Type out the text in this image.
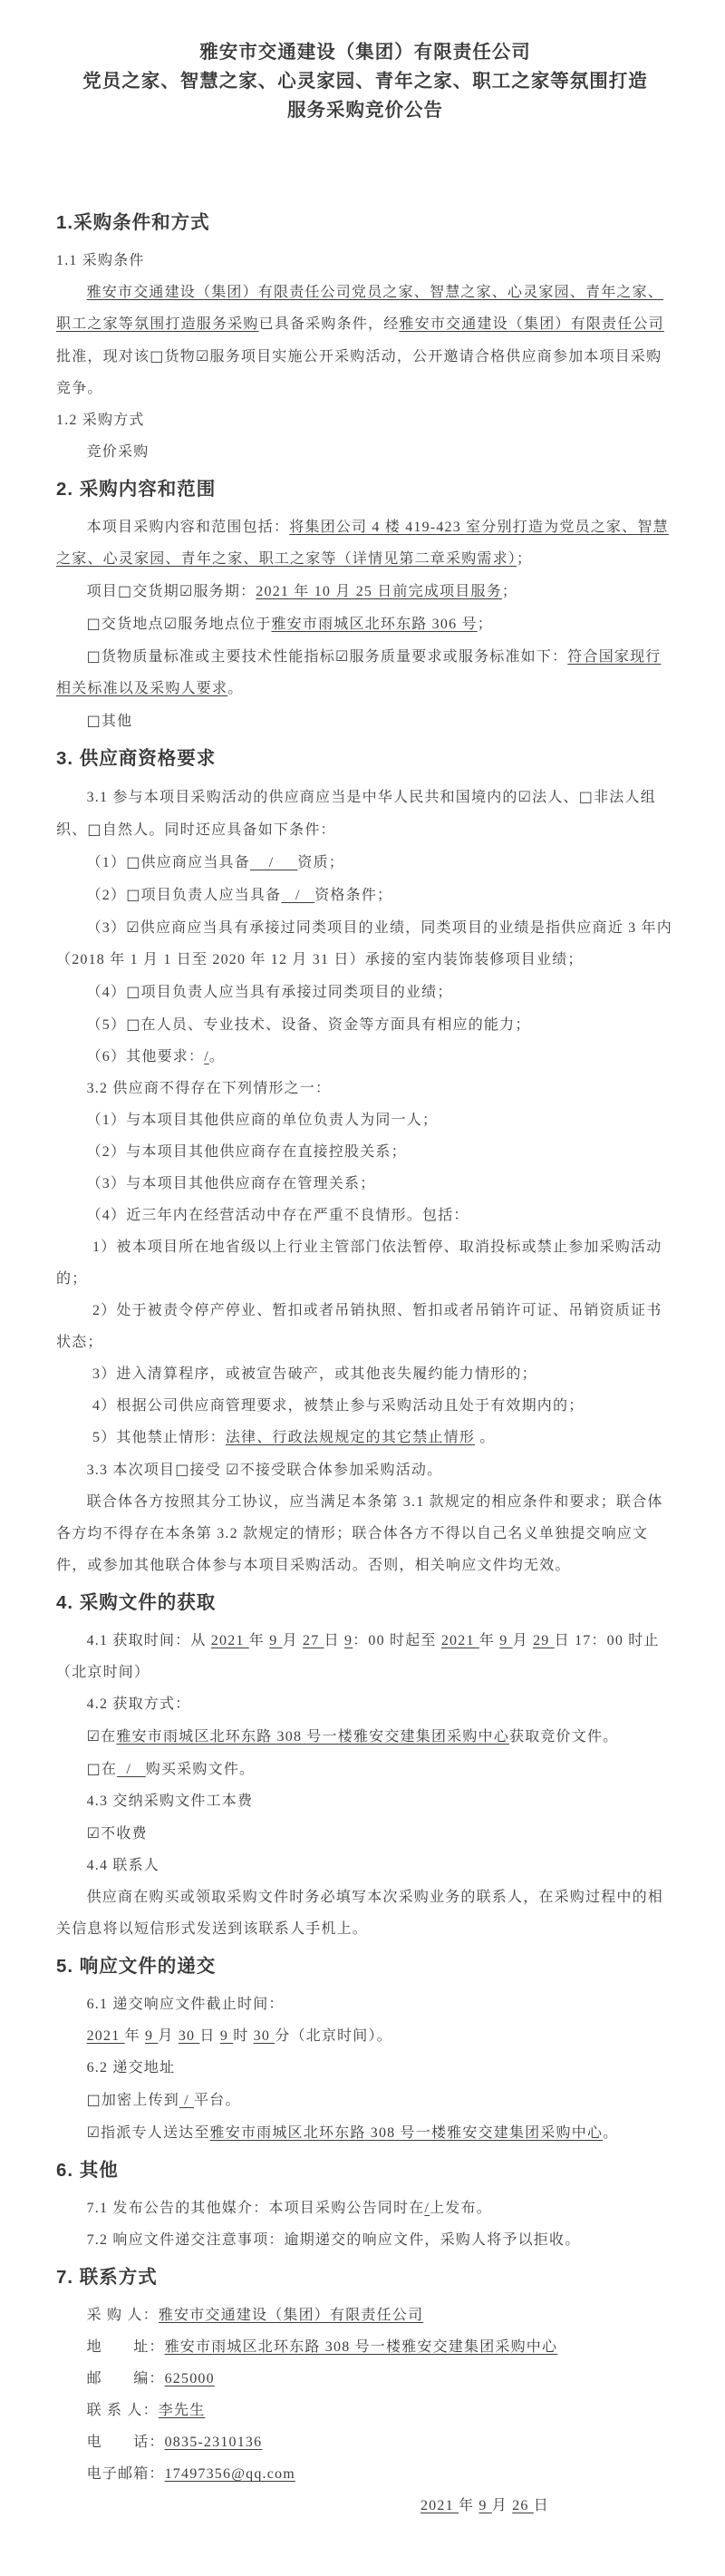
雅安市交通建设（集团）有限责任公司
党员之家、智慧之家、心灵家园、青年之家、职工之家等氛围打造服务采购竞价公告
1.采购条件和方式
1.1 采购条件
雅安市交通建设（集团）有限责任公司党员之家、智慧之家、心灵家园、青年之家、职工之家等氛围打造服务采购已具备采购条件，经雅安市交通建设（集团）有限责任公司批准，现对该□货物☑服务项目实施公开采购活动，公开邀请合格供应商参加本项目采购竞争。
1.2 采购方式
竞价采购
2. 采购内容和范围
本项目采购内容和范围包括：将集团公司 4 楼 419-423 室分别打造为党员之家、智慧之家、心灵家园、青年之家、职工之家等（详情见第二章采购需求）；
项目□交货期☑服务期：2021 年 10 月 25 日前完成项目服务；
□交货地点☑服务地点位于雅安市雨城区北环东路 306 号；
□货物质量标准或主要技术性能指标☑服务质量要求或服务标准如下：符合国家现行相关标准以及采购人要求。
□其他
3. 供应商资格要求
3.1 参与本项目采购活动的供应商应当是中华人民共和国境内的☑法人、□非法人组织、□自然人。同时还应具备如下条件：
（1）□供应商应当具备    /     资质；
（2）□项目负责人应当具备   /   资格条件；
（3）☑供应商应当具有承接过同类项目的业绩，同类项目的业绩是指供应商近 3 年内（2018 年 1 月 1 日至 2020 年 12 月 31 日）承接的室内装饰装修项目业绩；
（4）□项目负责人应当具有承接过同类项目的业绩；
（5）□在人员、专业技术、设备、资金等方面具有相应的能力；
（6）其他要求：/。
3.2 供应商不得存在下列情形之一：
（1）与本项目其他供应商的单位负责人为同一人；
（2）与本项目其他供应商存在直接控股关系；
（3）与本项目其他供应商存在管理关系；
（4）近三年内在经营活动中存在严重不良情形。包括：
1）被本项目所在地省级以上行业主管部门依法暂停、取消投标或禁止参加采购活动的；
2）处于被责令停产停业、暂扣或者吊销执照、暂扣或者吊销许可证、吊销资质证书状态；
3）进入清算程序，或被宣告破产，或其他丧失履约能力情形的；
4）根据公司供应商管理要求，被禁止参与采购活动且处于有效期内的；
5）其他禁止情形：法律、行政法规规定的其它禁止情形 。
3.3 本次项目□接受 ☑不接受联合体参加采购活动。
联合体各方按照其分工协议，应当满足本条第 3.1 款规定的相应条件和要求；联合体各方均不得存在本条第 3.2 款规定的情形；联合体各方不得以自己名义单独提交响应文件，或参加其他联合体参与本项目采购活动。否则，相关响应文件均无效。
4. 采购文件的获取
4.1 获取时间：从 2021 年 9 月 27 日 9：00 时起至 2021 年 9 月 29 日 17：00 时止（北京时间）
4.2 获取方式：
☑在雅安市雨城区北环东路 308 号一楼雅安交建集团采购中心获取竞价文件。
□在  /   购买采购文件。
4.3 交纳采购文件工本费
☑不收费
4.4 联系人
供应商在购买或领取采购文件时务必填写本次采购业务的联系人，在采购过程中的相关信息将以短信形式发送到该联系人手机上。
5. 响应文件的递交
6.1 递交响应文件截止时间：
2021 年 9 月 30 日 9 时 30 分（北京时间）。
6.2 递交地址
□加密上传到 / 平台。
☑指派专人送达至雅安市雨城区北环东路 308 号一楼雅安交建集团采购中心。
6. 其他
7.1 发布公告的其他媒介：本项目采购公告同时在/上发布。
7.2 响应文件递交注意事项：逾期递交的响应文件，采购人将予以拒收。
7. 联系方式
采 购 人：雅安市交通建设（集团）有限责任公司
地　　址：雅安市雨城区北环东路 308 号一楼雅安交建集团采购中心
邮　　编：625000
联 系 人：李先生
电　　话：0835-2310136
电子邮箱：17497356@qq.com
2021 年 9 月 26 日
